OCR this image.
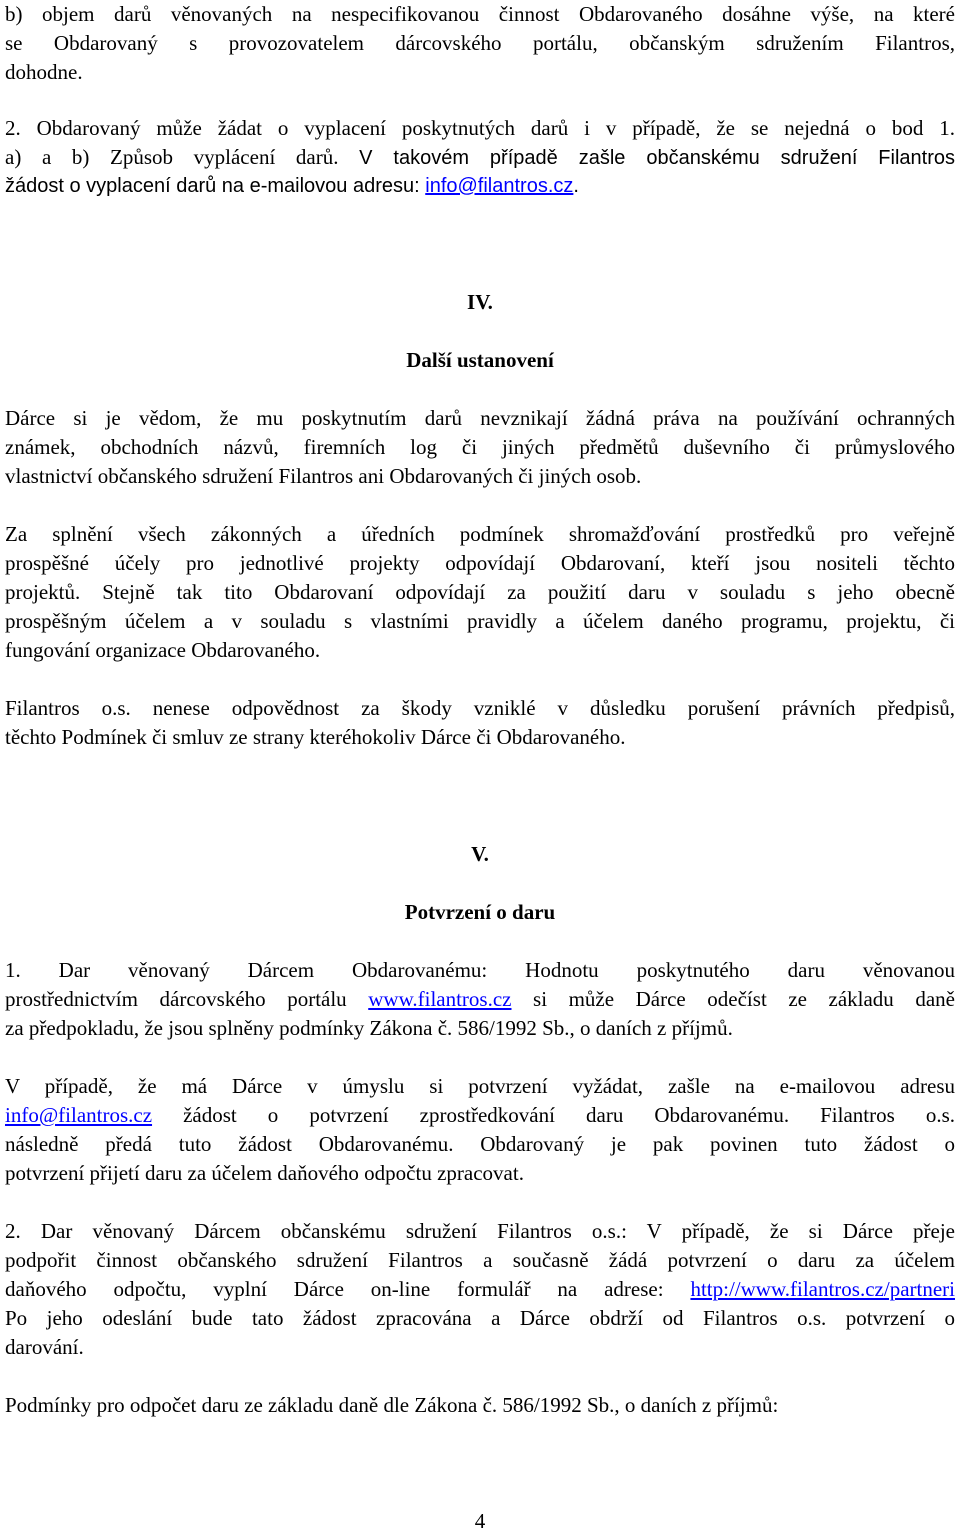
b) objem darů věnovaných na nespecifikovanou činnost Obdarovaného dosáhne výše, na které
se Obdarovaný s provozovatelem dárcovského portálu, občanským sdružením Filantros,
dohodne.
2. Obdarovaný může žádat o vyplacení poskytnutých darů i v případě, že se nejedná o bod 1.
a) a b) Způsob vyplácení darů. V takovém případě zašle občanskému sdružení Filantros
žádost o vyplacení darů na e-mailovou adresu: info@filantros.cz.
IV.
Další ustanovení
Dárce si je vědom, že mu poskytnutím darů nevznikají žádná práva na používání ochranných
známek, obchodních názvů, firemních log či jiných předmětů duševního či průmyslového
vlastnictví občanského sdružení Filantros ani Obdarovaných či jiných osob.
Za splnění všech zákonných a úředních podmínek shromažďování prostředků pro veřejně
prospěšné účely pro jednotlivé projekty odpovídají Obdarovaní, kteří jsou nositeli těchto
projektů. Stejně tak tito Obdarovaní odpovídají za použití daru v souladu s jeho obecně
prospěšným účelem a v souladu s vlastními pravidly a účelem daného programu, projektu, či
fungování organizace Obdarovaného.
Filantros o.s. nenese odpovědnost za škody vzniklé v důsledku porušení právních předpisů,
těchto Podmínek či smluv ze strany kteréhokoliv Dárce či Obdarovaného.
V.
Potvrzení o daru
1. Dar věnovaný Dárcem Obdarovanému: Hodnotu poskytnutého daru věnovanou
prostřednictvím dárcovského portálu www.filantros.cz si může Dárce odečíst ze základu daně
za předpokladu, že jsou splněny podmínky Zákona č. 586/1992 Sb., o daních z příjmů.
V případě, že má Dárce v úmyslu si potvrzení vyžádat, zašle na e-mailovou adresu
info@filantros.cz žádost o potvrzení zprostředkování daru Obdarovanému. Filantros o.s.
následně předá tuto žádost Obdarovanému. Obdarovaný je pak povinen tuto žádost o
potvrzení přijetí daru za účelem daňového odpočtu zpracovat.
2. Dar věnovaný Dárcem občanskému sdružení Filantros o.s.: V případě, že si Dárce přeje
podpořit činnost občanského sdružení Filantros a současně žádá potvrzení o daru za účelem
daňového odpočtu, vyplní Dárce on-line formulář na adrese: http://www.filantros.cz/partneri
Po jeho odeslání bude tato žádost zpracována a Dárce obdrží od Filantros o.s. potvrzení o
darování.
Podmínky pro odpočet daru ze základu daně dle Zákona č. 586/1992 Sb., o daních z příjmů:
4
